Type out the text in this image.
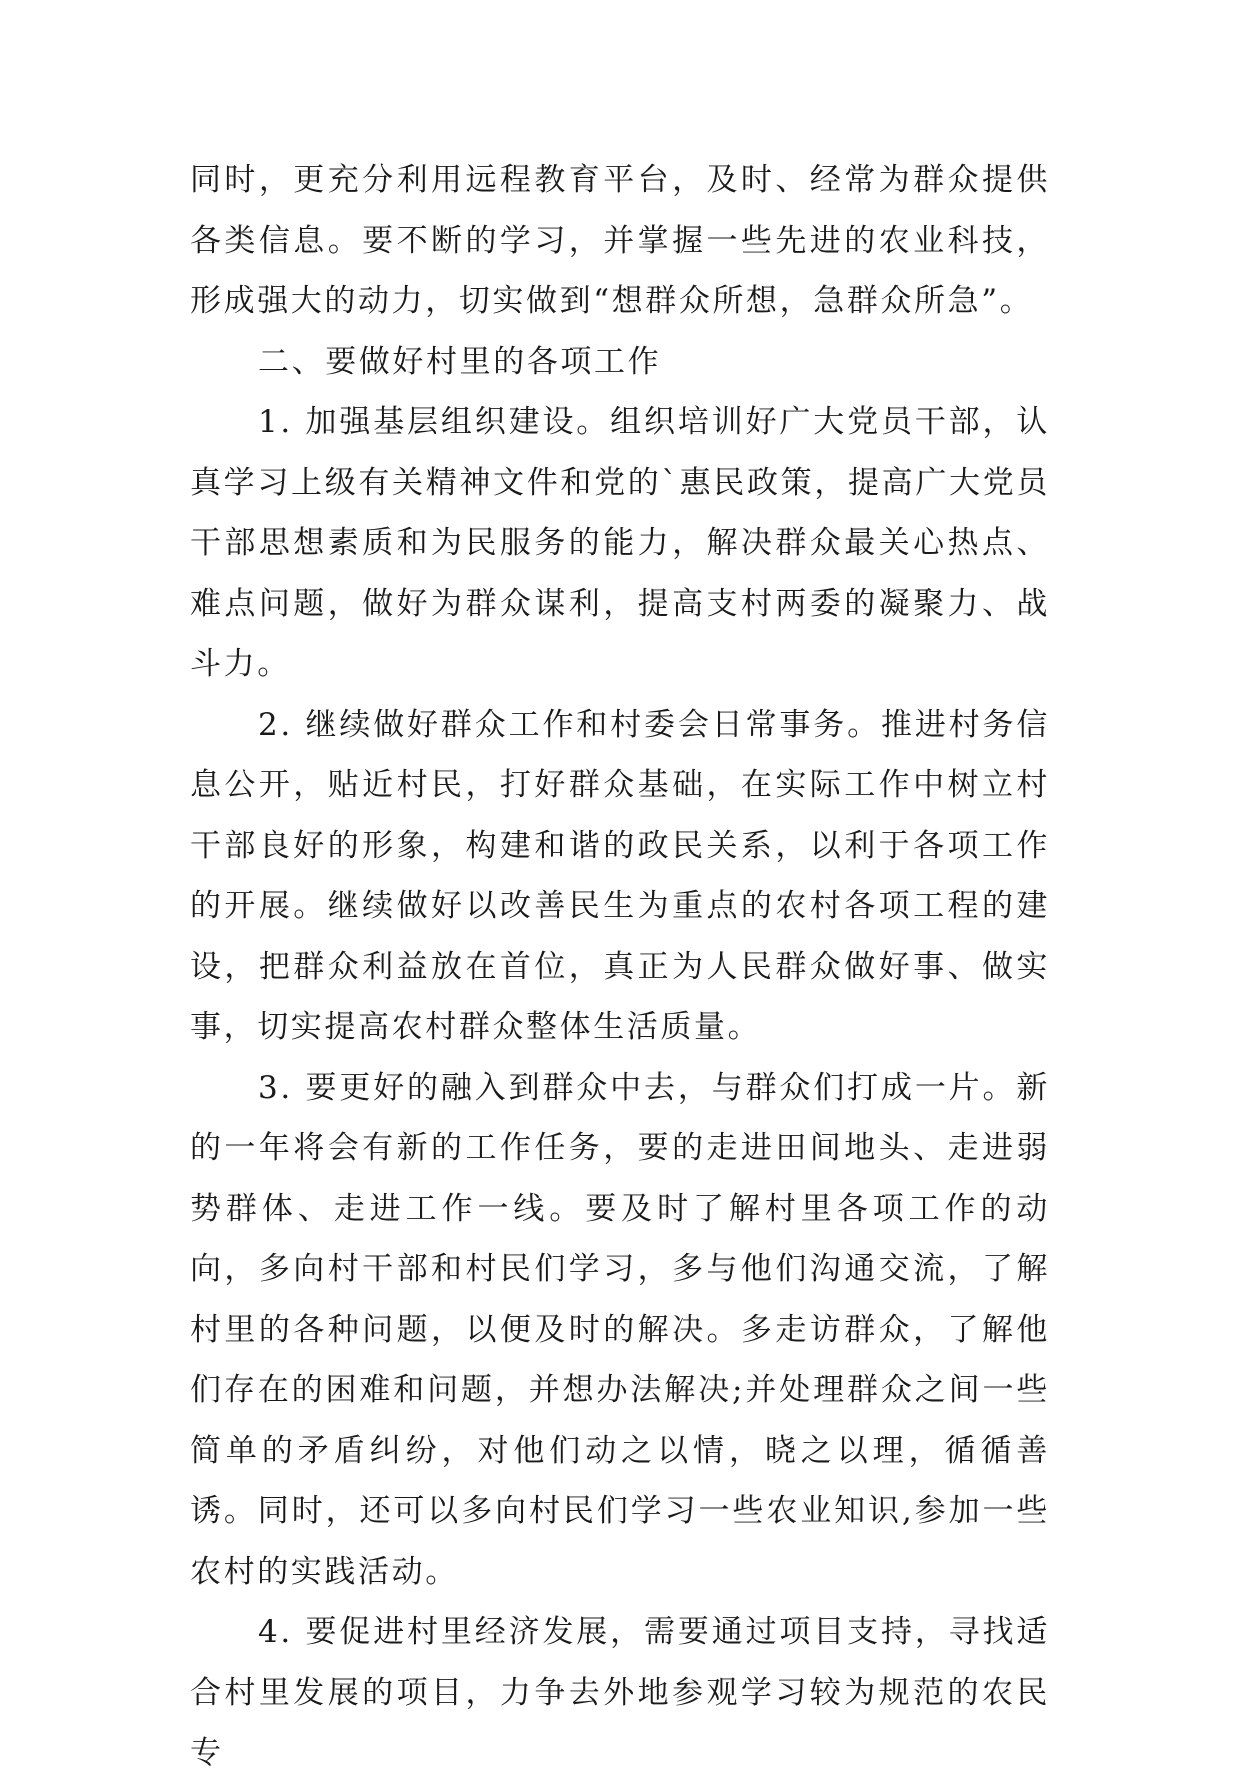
同时，更充分利用远程教育平台，及时、经常为群众提供各类信息。要不断的学习，并掌握一些先进的农业科技，形成强大的动力，切实做到“想群众所想，急群众所急”。

二、要做好村里的各项工作

1. 加强基层组织建设。组织培训好广大党员干部，认真学习上级有关精神文件和党的`惠民政策，提高广大党员干部思想素质和为民服务的能力，解决群众最关心热点、难点问题，做好为群众谋利，提高支村两委的凝聚力、战斗力。

2. 继续做好群众工作和村委会日常事务。推进村务信息公开，贴近村民，打好群众基础，在实际工作中树立村干部良好的形象，构建和谐的政民关系，以利于各项工作的开展。继续做好以改善民生为重点的农村各项工程的建设，把群众利益放在首位，真正为人民群众做好事、做实事，切实提高农村群众整体生活质量。

3. 要更好的融入到群众中去，与群众们打成一片。新的一年将会有新的工作任务，要的走进田间地头、走进弱势群体、走进工作一线。要及时了解村里各项工作的动向，多向村干部和村民们学习，多与他们沟通交流，了解村里的各种问题，以便及时的解决。多走访群众，了解他们存在的困难和问题，并想办法解决;并处理群众之间一些简单的矛盾纠纷，对他们动之以情，晓之以理，循循善诱。同时，还可以多向村民们学习一些农业知识,参加一些农村的实践活动。

4. 要促进村里经济发展，需要通过项目支持，寻找适合村里发展的项目，力争去外地参观学习较为规范的农民专
